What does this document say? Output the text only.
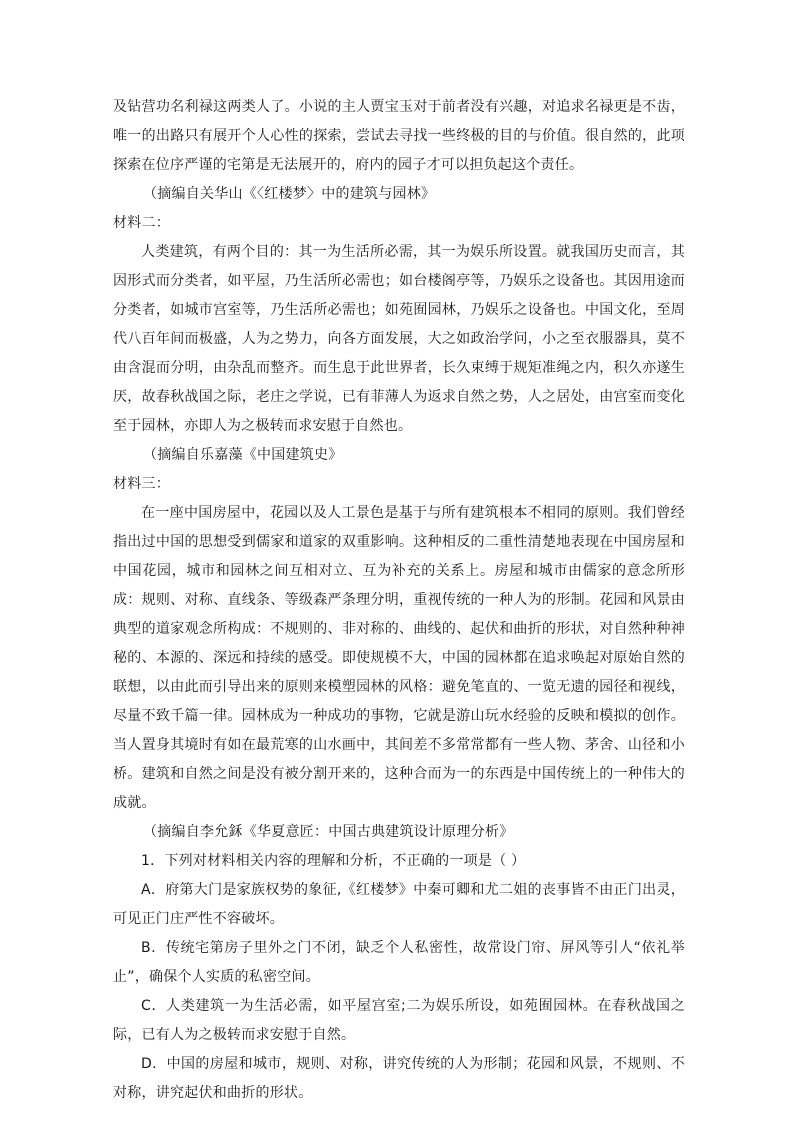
及钻营功名利禄这两类人了。小说的主人贾宝玉对于前者没有兴趣，对追求名禄更是不齿，唯一的出路只有展开个人心性的探索，尝试去寻找一些终极的目的与价值。很自然的，此项探索在位序严谨的宅第是无法展开的，府内的园子才可以担负起这个责任。

（摘编自关华山《〈红楼梦〉中的建筑与园林》

材料二：

人类建筑，有两个目的：其一为生活所必需，其一为娱乐所设置。就我国历史而言，其因形式而分类者，如平屋，乃生活所必需也；如台楼阁亭等，乃娱乐之设备也。其因用途而分类者，如城市宫室等，乃生活所必需也；如苑囿园林，乃娱乐之设备也。中国文化，至周代八百年间而极盛，人为之势力，向各方面发展，大之如政治学问，小之至衣服器具，莫不由含混而分明，由杂乱而整齐。而生息于此世界者，长久束缚于规矩准绳之内，积久亦遂生厌，故春秋战国之际，老庄之学说，已有菲薄人为返求自然之势，人之居处，由宫室而变化至于园林，亦即人为之极转而求安慰于自然也。

（摘编自乐嘉藻《中国建筑史》

材料三：

在一座中国房屋中，花园以及人工景色是基于与所有建筑根本不相同的原则。我们曾经指出过中国的思想受到儒家和道家的双重影响。这种相反的二重性清楚地表现在中国房屋和中国花园，城市和园林之间互相对立、互为补充的关系上。房屋和城市由儒家的意念所形成：规则、对称、直线条、等级森严条理分明，重视传统的一种人为的形制。花园和风景由典型的道家观念所构成：不规则的、非对称的、曲线的、起伏和曲折的形状，对自然种种神秘的、本源的、深远和持续的感受。即使规模不大，中国的园林都在追求唤起对原始自然的联想，以由此而引导出来的原则来模塑园林的风格：避免笔直的、一览无遗的园径和视线，尽量不致千篇一律。园林成为一种成功的事物，它就是游山玩水经验的反映和模拟的创作。当人置身其境时有如在最荒寒的山水画中，其间差不多常常都有一些人物、茅舍、山径和小桥。建筑和自然之间是没有被分割开来的，这种合而为一的东西是中国传统上的一种伟大的成就。

（摘编自李允鉌《华夏意匠：中国古典建筑设计原理分析》

1．下列对材料相关内容的理解和分析，不正确的一项是（ ）

A．府第大门是家族权势的象征,《红楼梦》中秦可卿和尤二姐的丧事皆不由正门出灵，可见正门庄严性不容破坏。

B．传统宅第房子里外之门不闭，缺乏个人私密性，故常设门帘、屏风等引人“依礼举止”，确保个人实质的私密空间。

C．人类建筑一为生活必需，如平屋宫室;二为娱乐所设，如苑囿园林。在春秋战国之际，已有人为之极转而求安慰于自然。

D．中国的房屋和城市，规则、对称，讲究传统的人为形制；花园和风景，不规则、不对称，讲究起伏和曲折的形状。
